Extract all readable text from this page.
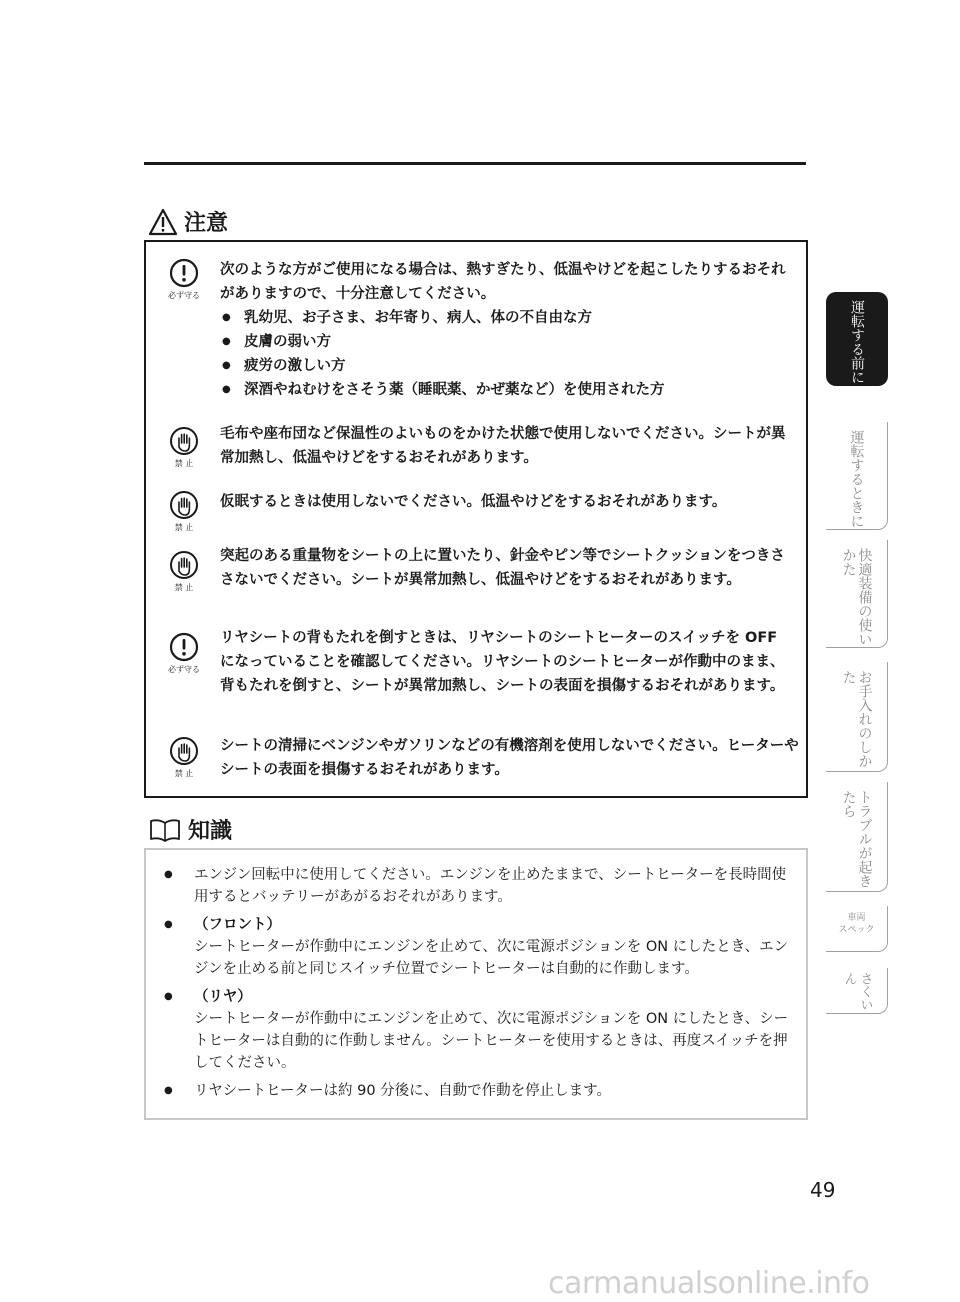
注意
必ず守る

次のような方がご使用になる場合は、熱すぎたり、低温やけどを起こしたりするおそれがありますので、十分注意してください。

● 乳幼児、お子さま、お年寄り、病人、体の不自由な方
● 皮膚の弱い方
● 疲労の激しい方
● 深酒やねむけをさそう薬（睡眠薬、かぜ薬など）を使用された方
禁 止

毛布や座布団など保温性のよいものをかけた状態で使用しないでください。シートが異常加熱し、低温やけどをするおそれがあります。

禁 止

仮眠するときは使用しないでください。低温やけどをするおそれがあります。

禁 止

突起のある重量物をシートの上に置いたり、針金やピン等でシートクッションをつきささないでください。シートが異常加熱し、低温やけどをするおそれがあります。

必ず守る

リヤシートの背もたれを倒すときは、リヤシートのシートヒーターのスイッチを OFF になっていることを確認してください。リヤシートのシートヒーターが作動中のまま、背もたれを倒すと、シートが異常加熱し、シートの表面を損傷するおそれがあります。

禁 止

シートの清掃にベンジンやガソリンなどの有機溶剤を使用しないでください。ヒーターやシートの表面を損傷するおそれがあります。

知識
● エンジン回転中に使用してください。エンジンを止めたままで、シートヒーターを長時間使用するとバッテリーがあがるおそれがあります。
● （フロント）
シートヒーターが作動中にエンジンを止めて、次に電源ポジションを ON にしたとき、エンジンを止める前と同じスイッチ位置でシートヒーターは自動的に作動します。
● （リヤ）
シートヒーターが作動中にエンジンを止めて、次に電源ポジションを ON にしたとき、シートヒーターは自動的に作動しません。シートヒーターを使用するときは、再度スイッチを押してください。
● リヤシートヒーターは約 90 分後に、自動で作動を停止します。
運転する前に
運転するときに
快適装備の使いかた
お手入れのしかた
トラブルが起きたら
車両
スペック
さくいん
49
carmanualsonline.info
